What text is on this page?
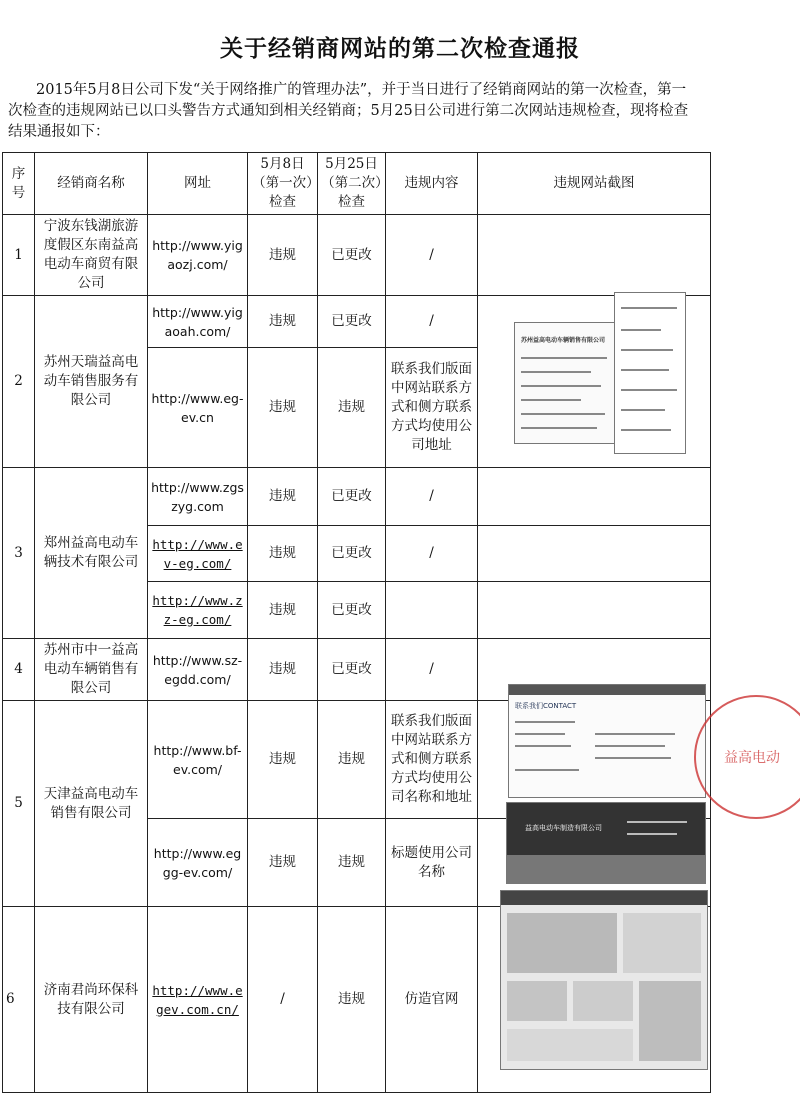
关于经销商网站的第二次检查通报
2015年5月8日公司下发“关于网络推广的管理办法”，并于当日进行了经销商网站的第一次检查，第一次检查的违规网站已以口头警告方式通知到相关经销商；5月25日公司进行第二次网站违规检查，现将检查结果通报如下：
序号	经销商名称	网址	5月8日（第一次）检查	5月25日（第二次）检查	违规内容	违规网站截图
1	宁波东钱湖旅游度假区东南益高电动车商贸有限公司	http://www.yigaozj.com/	违规	已更改	/	
2	苏州天瑞益高电动车销售服务有限公司	http://www.yigaoah.com/	违规	已更改	/	
		http://www.eg-ev.cn	违规	违规	联系我们版面中网站联系方式和侧方联系方式均使用公司地址	
3	郑州益高电动车辆技术有限公司	http://www.zgszyg.com	违规	已更改	/	
		http://www.ev-eg.com/	违规	已更改	/	
		http://www.zz-eg.com/	违规	已更改		
4	苏州市中一益高电动车辆销售有限公司	http://www.sz-egdd.com/	违规	已更改	/	
5	天津益高电动车销售有限公司	http://www.bf-ev.com/	违规	违规	联系我们版面中网站联系方式和侧方联系方式均使用公司名称和地址	
		http://www.eggg-ev.com/	违规	违规	标题使用公司名称	
6	济南君尚环保科技有限公司	http://www.egev.com.cn/	/	违规	仿造官网	
苏州益高电动车辆销售有限公司
联系我们CONTACT
益高电动车制造有限公司
益高电动
